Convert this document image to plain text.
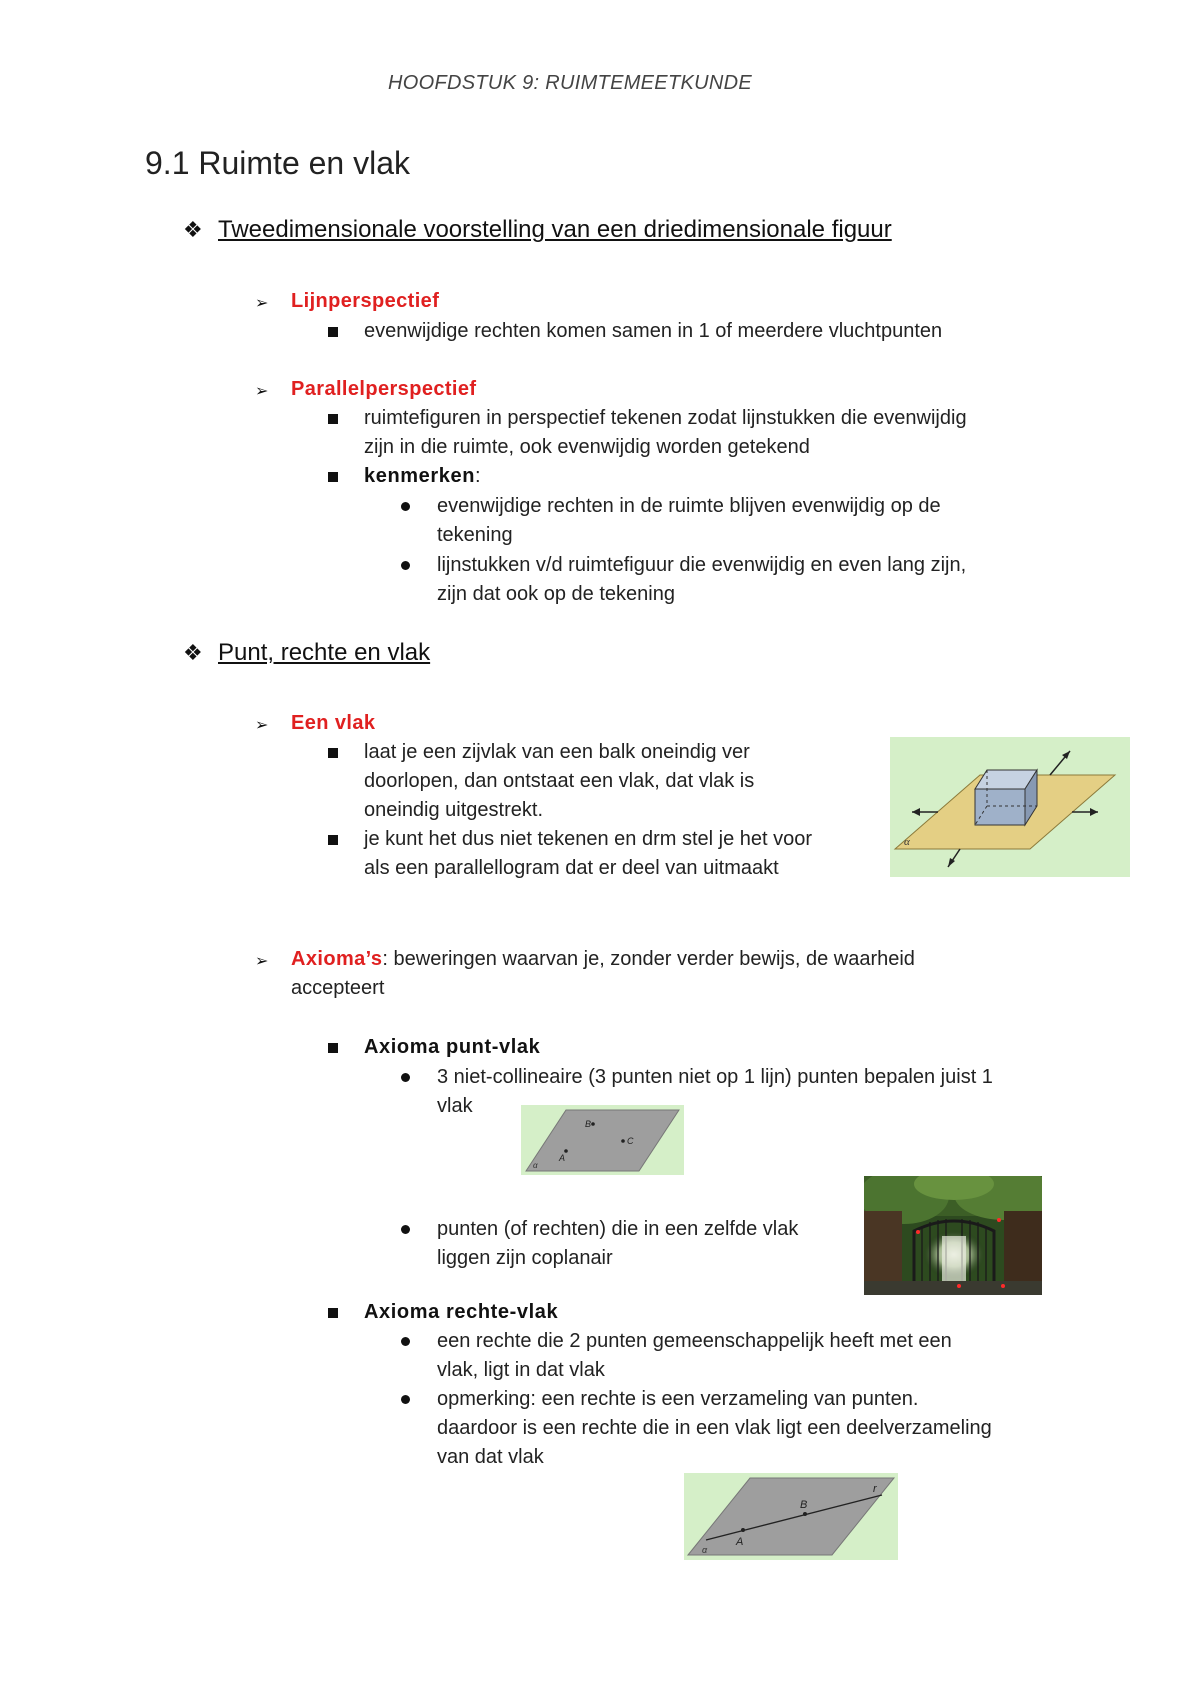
HOOFDSTUK 9: RUIMTEMEETKUNDE
9.1 Ruimte en vlak
❖ Tweedimensionale voorstelling van een driedimensionale figuur
➢ Lijnperspectief
evenwijdige rechten komen samen in 1 of meerdere vluchtpunten
➢ Parallelperspectief
ruimtefiguren in perspectief tekenen zodat lijnstukken die evenwijdig
zijn in die ruimte, ook evenwijdig worden getekend
kenmerken:
evenwijdige rechten in de ruimte blijven evenwijdig op de
tekening
lijnstukken v/d ruimtefiguur die evenwijdig en even lang zijn,
zijn dat ook op de tekening
❖ Punt, rechte en vlak
➢ Een vlak
laat je een zijvlak van een balk oneindig ver
doorlopen, dan ontstaat een vlak, dat vlak is
oneindig uitgestrekt.
je kunt het dus niet tekenen en drm stel je het voor
als een parallellogram dat er deel van uitmaakt
α
➢ Axioma’s: beweringen waarvan je, zonder verder bewijs, de waarheid
accepteert
Axioma punt-vlak
3 niet-collineaire (3 punten niet op 1 lijn) punten bepalen juist 1
vlak
A
B
C
α
punten (of rechten) die in een zelfde vlak
liggen zijn coplanair
Axioma rechte-vlak
een rechte die 2 punten gemeenschappelijk heeft met een
vlak, ligt in dat vlak
opmerking: een rechte is een verzameling van punten.
daardoor is een rechte die in een vlak ligt een deelverzameling
van dat vlak
A
B
r
α
